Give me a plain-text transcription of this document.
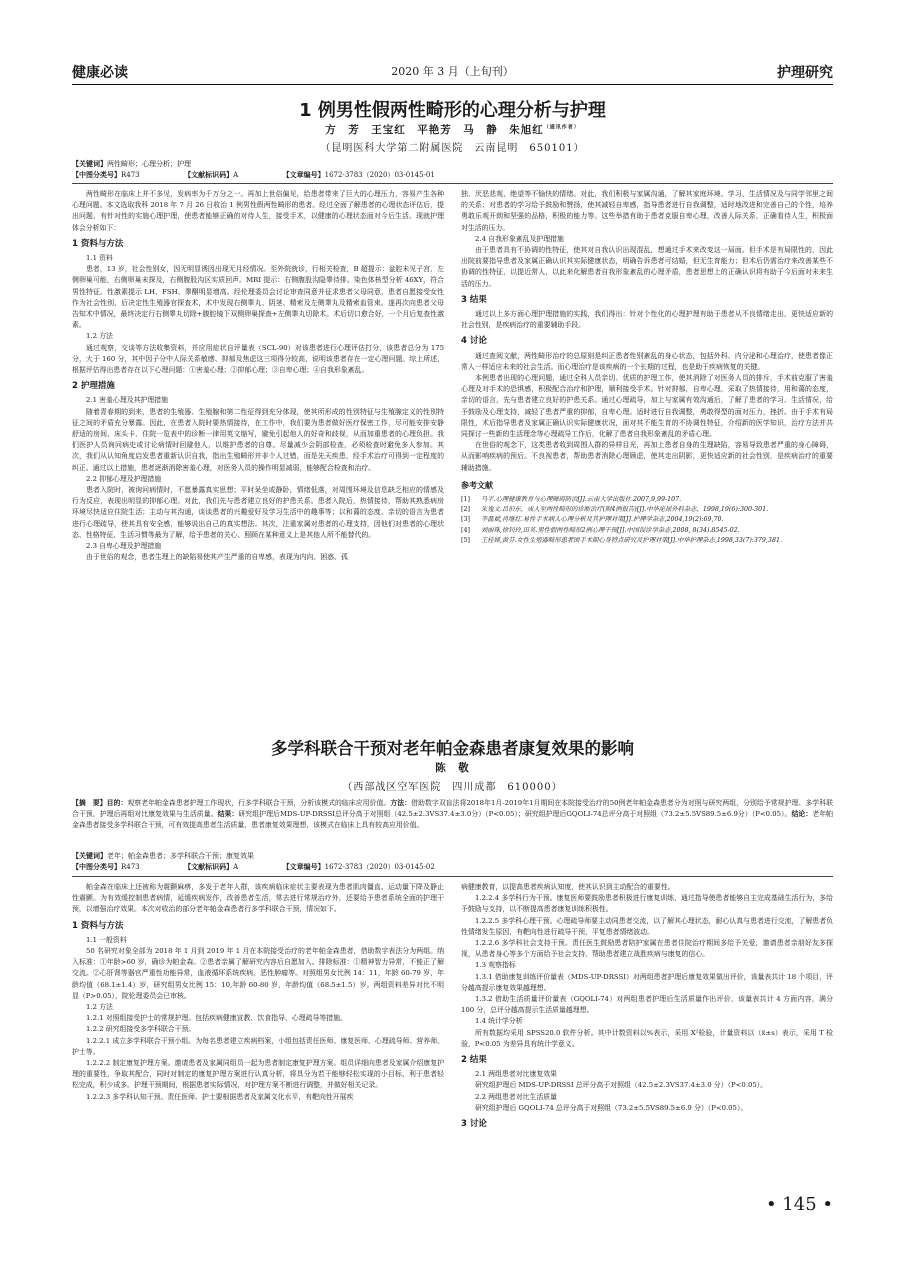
健康必读	2020 年 3 月（上旬刊）	护理研究
1 例男性假两性畸形的心理分析与护理
方　芳　王宝红　平艳芳　马　静　朱旭红$^{(通讯作者)}$
（昆明医科大学第二附属医院　云南昆明　650101）
【关键词】两性畸形；心理分析；护理
【中图分类号】R473	【文献标识码】A	【文章编号】1672-3783（2020）03-0145-01

两性畸形在临床上并不多见，发病率为千万分之一。再加上世俗偏见，给患者带来了巨大的心理压力，容易产生各种心理问题。本文选取我科 2018 年 7 月 26 日收治 1 例男性假两性畸形的患者。经过全面了解患者的心理状态评估后，提出问题，有针对性的实施心理护理，使患者能够正确的对待人生，接受手术，以健康的心理状态面对今后生活。现就护理体会分析如下：

1 资料与方法

1.1 资料

患者，13 岁，社会性别女，因无明显诱因出现无月经情况。至外院就诊，行相关检查，B 超提示：盆腔未见子宫，左侧卵巢可能，右侧卵巢未探及，右侧腹股沟区实质回声。MRI 提示：右侧腹股沟隐睾待排。染色体核型分析 46XY，符合男性特征。性激素提示 LH、FSH、睾酮明显增高。经伦理委员会讨论审查同意并征求患者父母同意，患者自愿接受女性作为社会性别，后决定性生殖器官探查术，术中发现右侧睾丸、阴茎、精索及左侧睾丸及精索血管束。遂再次向患者父母告知术中情况，最终决定行右侧睾丸切除+腹腔镜下双侧卵巢探查+左侧睾丸切除术。术后切口愈合好，一个月后复查性激素。

1.2 方法

通过观察，交谈等方法收集资料，并应用症状自评量表（SCL-90）对该患者进行心理评估打分，该患者总分为 175 分，大于 160 分，其中因子分中人际关系敏感、抑郁及焦虑这三项得分较高，说明该患者存在一定心理问题。综上所述，根据评估得出患者存在以下心理问题：①害羞心理；②抑郁心理；③自卑心理；④自我形象紊乱。

2 护理措施

2.1 害羞心理及其护理措施

随着青春期的到来，患者的生殖器、生殖腺和第二性征得到充分体现，使其所形成的性别特征与生殖腺定义的性别特征之间的矛盾充分暴露。因此，在患者入院时要热情接待，在工作中，我们要为患者做好医疗保密工作，尽可能安排安静舒适的房间，床头卡、住院一览表中的诊断一律用英文缩写，避免引起他人的好奇和歧视，从而加重患者的心理负担。我们医护人员询问病史或讨论病情时回避他人，以维护患者的自尊。尽量减少会阴部检查，必须检查时避免多人参加。其次，我们从认知角度启发患者重新认识自我，指出生殖畸形并非个人过错，而是先天疾患，经手术治疗可得到一定程度的纠正。通过以上措施，患者逐渐消除害羞心理，对医务人员的操作明显减弱，能够配合检查和治疗。

2.2 抑郁心理及护理措施

患者入院时，被询问病情时，不愿暴露真实思想；平时呆坐或静卧，情绪低落，对周围环境及信息缺乏相应的情感及行为反应，表现出明显的抑郁心理。对此，我们先与患者建立良好的护患关系。患者入院后，热情接待，帮助其熟悉病房环境尽快适应住院生活；主动与其沟通，谈谈患者的兴趣爱好及学习生活中的趣事等；以和蔼的态度、亲切的语言为患者进行心理疏导，使其具有安全感，能够说出自己的真实想法。其次，注重家属对患者的心理支持，因他们对患者的心理状态、性格特征、生活习惯等最为了解，给予患者的关心、照顾在某种意义上是其他人所不能替代的。

2.3 自卑心理及护理措施

由于世俗的观念，患者生理上的缺陷易使其产生严重的自卑感，表现为内向、困惑、孤

独、厌恶悲观、绝望等不愉快的情绪。对此，我们积极与家属沟通，了解其家庭环境、学习、生活情况及与同学邻里之间的关系；对患者的学习给予鼓励和赞扬，使其减轻自卑感，指导患者进行自我调整，适时地改进和完善自己的个性，培养勇敢乐观开朗和坚强的品格，积极的能力等。这些举措有助于患者克服自卑心理，改善人际关系，正确看待人生，积极面对生活的压力。

2.4 自我形象紊乱及护理措施

由于患者具有不协调的性特征，使其对自我认识出现混乱，想通过手术来改变这一局面。但手术是有局限性的，因此出院前要指导患者及家属正确认识其实际健康状态，明确告诉患者可结婚，但无生育能力；但术后仍需治疗来改善某些不协调的性特征，以提近常人，以此来化解患者自我形象紊乱的心理矛盾，患者思想上的正确认识将有助于今后面对未来生活的压力。

3 结果

通过以上多方面心理护理措施的实践，我们得出：针对个性化的心理护理有助于患者从不良情绪走出，更快适应新的社会性别，是疾病治疗的重要辅助手段。

4 讨论

通过查阅文献，两性畸形治疗的总原则是纠正患者性别紊乱的身心状态，包括外科、内分泌和心理治疗，使患者像正常人一样适应未来的社会生活。而心理治疗是该疾病的一个长期的过程，也是助于疾病恢复的关键。

本例患者出现的心理问题，通过全科人员亲切、优质的护理工作，使其消除了对医务人员的排斥，手术前克服了害羞心理及对手术的恐惧感，积极配合治疗和护理，顺利接受手术。针对抑郁，自卑心理，采取了热情接待，用和蔼的态度，亲切的语言，先与患者建立良好的护患关系。通过心理疏导，加上与家属有效沟通后，了解了患者的学习、生活情况，给予鼓励及心理支持，减轻了患者严重的抑郁，自卑心理。适时进行自我调整，勇敢得型的面对压力，挫折。由于手术有局限性，术后指导患者及家属正确认识实际健康状况，面对其不能生育的不协调性特征，介绍新的医学知识，治疗方法并共同探讨一些新的生活理念等心理疏导工作后，化解了患者自我形象紊乱的矛盾心理。

在世俗的观念下，这类患者收到周围人群的异样目光，再加上患者自身的生理缺陷，容易导致患者严重的身心障碍，从而影响疾病的预后。不良视患者，帮助患者消除心理顾虑，使其走出阴影，更快适应新的社会性别，是疾病治疗的重要辅助措施。

参考文献
[1]	马平.心理健康教育与心理障碍防治[J].云南大学出版社.2007,9,99-107.
[2]	朱逸文.吕伯东，成人至两性畸形的诊断治疗(附4例报告)[J].中华泌尿外科杂志，1998,19(6):300-301.
[3]	李磊斌,肖继红.易性手术病人心理分析及其护理对策[J].护理学杂志,2004,19(2):69,70.
[4]	刘丽珠,徐钊玲,田英.男性假两性畸形2例心理干预[J].中国误诊学杂志,2008, 8(34).8545-02.
[5]	王桂娣,黄芬.女性生殖器畸形患者围手术期心身特点研究及护理对策[J].中华护理杂志,1998,33(7):379,381.
多学科联合干预对老年帕金森患者康复效果的影响
陈　敬
（西部战区空军医院　四川成都　610000）
【摘　要】目的：观察老年帕金森患者护理工作现状，行多学科联合干预，分析该模式的临床应用价值。方法：借助数字双盲法将2018年1月-2019年1月期间在本院接受治疗的50例老年帕金森患者分为对照与研究两组，分别给予常规护理、多学科联合干预，护理后再组对比康复效果与生活质量。结果：研究组护理后MDS-UP-DRSSI总评分高于对照组（42.5±2.3VS37.4±3.0分）（P<0.05）；研究组护理后GQOLI-74总评分高于对照组（73.2±5.5VS89.5±6.9分）（P<0.05）。结论：老年帕金森患者接受多学科联合干预，可有效提高患者生活质量，患者康复效果理想，该模式在临床上具有较高应用价值。
【关键词】老年；帕金森患者；多学科联合干预；康复效果
【中图分类号】R473	【文献标识码】A	【文章编号】1672-3783（2020）03-0145-02

帕金森在临床上还被称为震颤麻痹，多发于老年人群，该疾病临床症状主要表现为患者肌肉僵直、运动量下降及静止性震颤。为有效缓控制患者病情，延缓疾病发作，改善患者生活，常去进行常规治疗外，还要给予患者系统全面的护理干预，以增强治疗效果。本次对收治的部分老年帕金森患者行多学科联合干预，情况如下。

1 资料与方法

1.1 一般资料

50 名研究对象全部为 2018 年 1 月到 2019 年 1 月在本院接受治疗的老年帕金森患者，借助数字表法分为两组。纳入标准：①年龄>60 岁，确诊为帕金森。②患者亲属了解研究内容后自愿加入。排除标准：①精神智力异常，不能正了解交流。②心肝肾等器官严重性功能异常，血液循环系统疾病、恶性肿瘤等。对照组男女比例 14：11，年龄 60-79 岁，年龄均值（68.1±1.4）岁，研究组男女比例 15：10,年龄 60-80 岁，年龄均值（68.5±1.5）岁。两组资料差异对比不明显（P>0.05），院伦理委员会已审核。

1.2 方法

1.2.1 对照组接受护士的常规护理。包括疾病健康宣教、饮食指导、心理疏导等措施。

1.2.2 研究组接受多学科联合干预。

1.2.2.1 成立多学科联合干预小组。为每名患者建立疾病档案，小组包括责任医师、康复医师、心理疏导师、营养师、护士等。

1.2.2.2 制定康复护理方案。邀请患者及家属同组员一起为患者制定康复护理方案。组员详细向患者及家属介绍康复护理的重要性，争取其配合，同时对制定的康复护理方案进行认真分析，将具分为若干能够轻松实现的小目标，利于患者轻松完成，积少成多。护理干预期间，根据患者实际情况，对护理方案不断进行调整，并做好相关记录。

1.2.2.3 多学科认知干预。责任医师、护士要根据患者及家属文化水平，有靶向性开展疾

病健康教育，以提高患者疾病认知度，使其认识到主动配合的重要性。

1.2.2.4 多学科行为干预。康复医师要鼓励患者积极进行康复训练，通过指导使患者能够自主完成基础生活行为，多给予鼓励与支持，以不断提高患者康复训练积极性。

1.2.2.5 多学科心理干预。心理疏导师要主动同患者交流，以了解其心理状态，耐心认真与患者进行交流，了解患者负性情绪发生原因，有靶向性进行疏导干预，平复患者情绪波动。

1.2.2.6 多学科社会支持干预。责任医生鼓励患者陪护家属在患者住院治疗期间多给予关爱，邀请患者亲朋好友多探视，从患者身心等多个方面给予社会支持，帮助患者建立战胜疾病与康复的信心。

1.3 观察指标

1.3.1 借助康复训练评价量表（MDS-UP-DRSSI）对两组患者护理后康复效果做出评价，该量表共计 18 个项目，评分越高提示康复效果越理想。

1.3.2 借助生活质量评价量表（GQOLI-74）对两组患者护理后生活质量作出评价，该量表共计 4 方面内容，满分 100 分，总评分越高提示生活质量越理想。

1.4 统计学分析

所有数据均采用 SPSS20.0 软件分析。其中计数资料以%表示，采用 X²检验，计量资料以（x̄±s）表示，采用 T 检验，P<0.05 为差异具有统计学意义。

2 结果

2.1 两组患者对比康复效果

研究组护理后 MDS-UP-DRSSI 总评分高于对照组（42.5±2.3VS37.4±3.0 分）（P<0.05）。

2.2 两组患者对比生活质量

研究组护理后 GQOLI-74 总评分高于对照组（73.2±5.5VS89.5±6.9 分）（P<0.05）。

3 讨论
• 145 •
